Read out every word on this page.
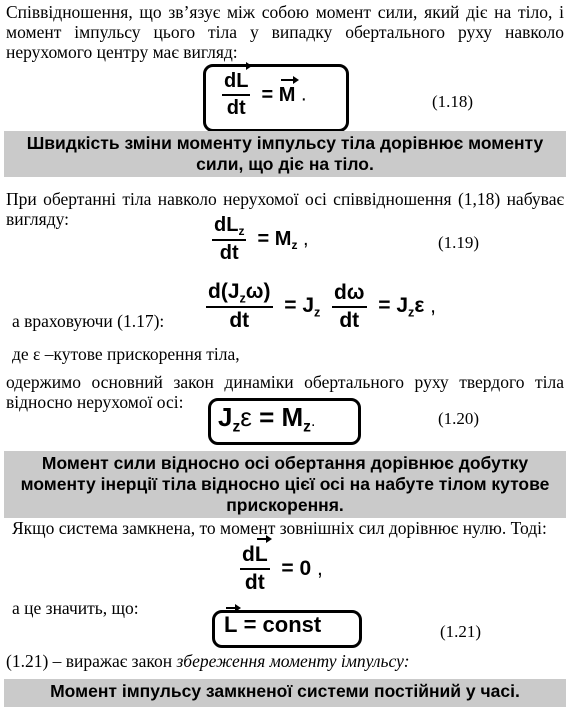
Співвідношення, що зв’язує між собою момент сили, який діє на тіло, і момент імпульсу цього тіла у випадку обертального руху навколо нерухомого центру має вигляд:
$\frac{dL}{dt} = M$ .	(1.18)
Швидкість зміни моменту імпульсу тіла дорівнює моменту сили, що діє на тіло.
При обертанні тіла навколо нерухомої осі співвідношення (1,18) набуває вигляду:	$\frac{dL_z}{dt} = M_z$ ,	(1.19)
а враховуючи (1.17): $\frac{d(J_z\omega)}{dt} = J_z \frac{d\omega}{dt} = J_z\varepsilon$ ,
де ε –кутове прискорення тіла,
одержимо основний закон динаміки обертального руху твердого тіла відносно нерухомої осі:	$J_z\varepsilon = M_z$.	(1.20)
Момент сили відносно осі обертання дорівнює добутку моменту інерції тіла відносно цієї осі на набуте тілом кутове прискорення.
Якщо система замкнена, то момент зовнішніх сил дорівнює нулю. Тоді:
$\frac{dL}{dt} = 0$ ,
а це значить, що:
L = const	(1.21)
(1.21) – виражає закон збереження моменту імпульсу:
Момент імпульсу замкненої системи постійний у часі.
